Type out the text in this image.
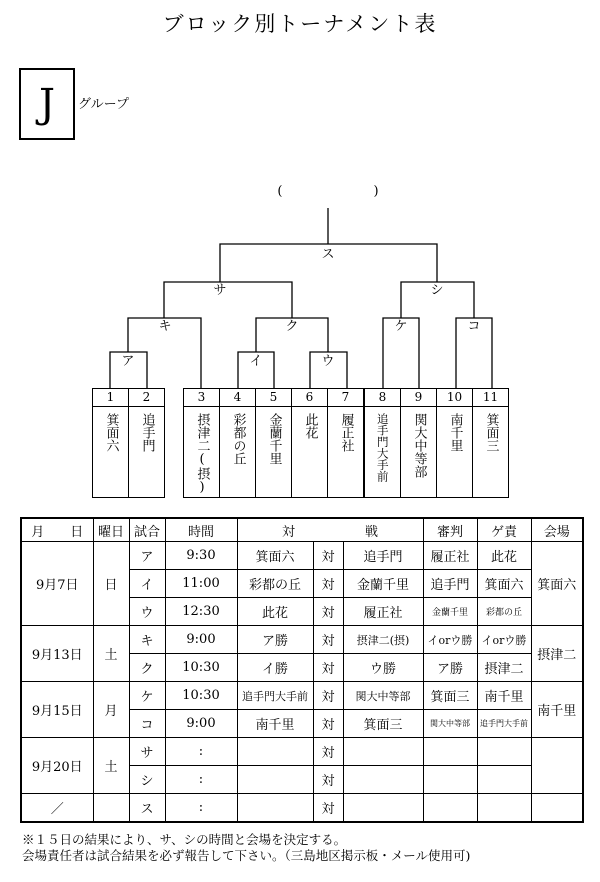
ブロック別トーナメント表
J	グループ
(　　　　　　　)
ス
サ	シ
キ	ク	ケ	コ
ア	イ	ウ
1
箕面六
2
追手門
3
摂津二(摂)
4
彩都の丘
5
金蘭千里
6
此花
7
履正社
8
追手門大手前
9
関大中等部
10
南千里
11
箕面三
月　　日	曜日	試合	時間	対 戦			審判	ゲ責	会場
9月7日	日	ア	9:30	箕面六	対	追手門	履正社	此花	箕面六
		イ	11:00	彩都の丘	対	金蘭千里	追手門	箕面六	
		ウ	12:30	此花	対	履正社	金蘭千里	彩都の丘	
9月13日	土	キ	9:00	ア勝	対	摂津二(摂)	イorウ勝	イorウ勝	摂津二
		ク	10:30	イ勝	対	ウ勝	ア勝	摂津二	
9月15日	月	ケ	10:30	追手門大手前	対	関大中等部	箕面三	南千里	南千里
		コ	9:00	南千里	対	箕面三	関大中等部	追手門大手前	
9月20日	土	サ	:		対				
		シ	:		対				
／		ス	:		対				
※１５日の結果により、サ、シの時間と会場を決定する。
会場責任者は試合結果を必ず報告して下さい。（三島地区掲示板・メール使用可)
